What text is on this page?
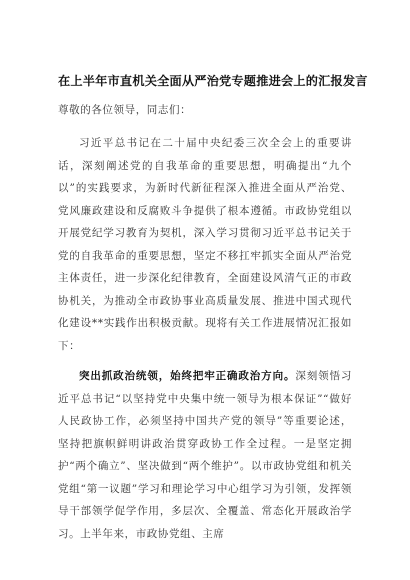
在上半年市直机关全面从严治党专题推进会上的汇报发言

尊敬的各位领导，同志们：

习近平总书记在二十届中央纪委三次全会上的重要讲话，深刻阐述党的自我革命的重要思想，明确提出“九个以”的实践要求，为新时代新征程深入推进全面从严治党、党风廉政建设和反腐败斗争提供了根本遵循。市政协党组以开展党纪学习教育为契机，深入学习贯彻习近平总书记关于党的自我革命的重要思想，坚定不移扛牢抓实全面从严治党主体责任，进一步深化纪律教育，全面建设风清气正的市政协机关，为推动全市政协事业高质量发展、推进中国式现代化建设**实践作出积极贡献。现将有关工作进展情况汇报如下：

突出抓政治统领，始终把牢正确政治方向。深刻领悟习近平总书记“以坚持党中央集中统一领导为根本保证”“做好人民政协工作，必须坚持中国共产党的领导”等重要论述，坚持把旗帜鲜明讲政治贯穿政协工作全过程。一是坚定拥护“两个确立”、坚决做到“两个维护”。以市政协党组和机关党组“第一议题”学习和理论学习中心组学习为引领，发挥领导干部领学促学作用，多层次、全覆盖、常态化开展政治学习。上半年来，市政协党组、主席
